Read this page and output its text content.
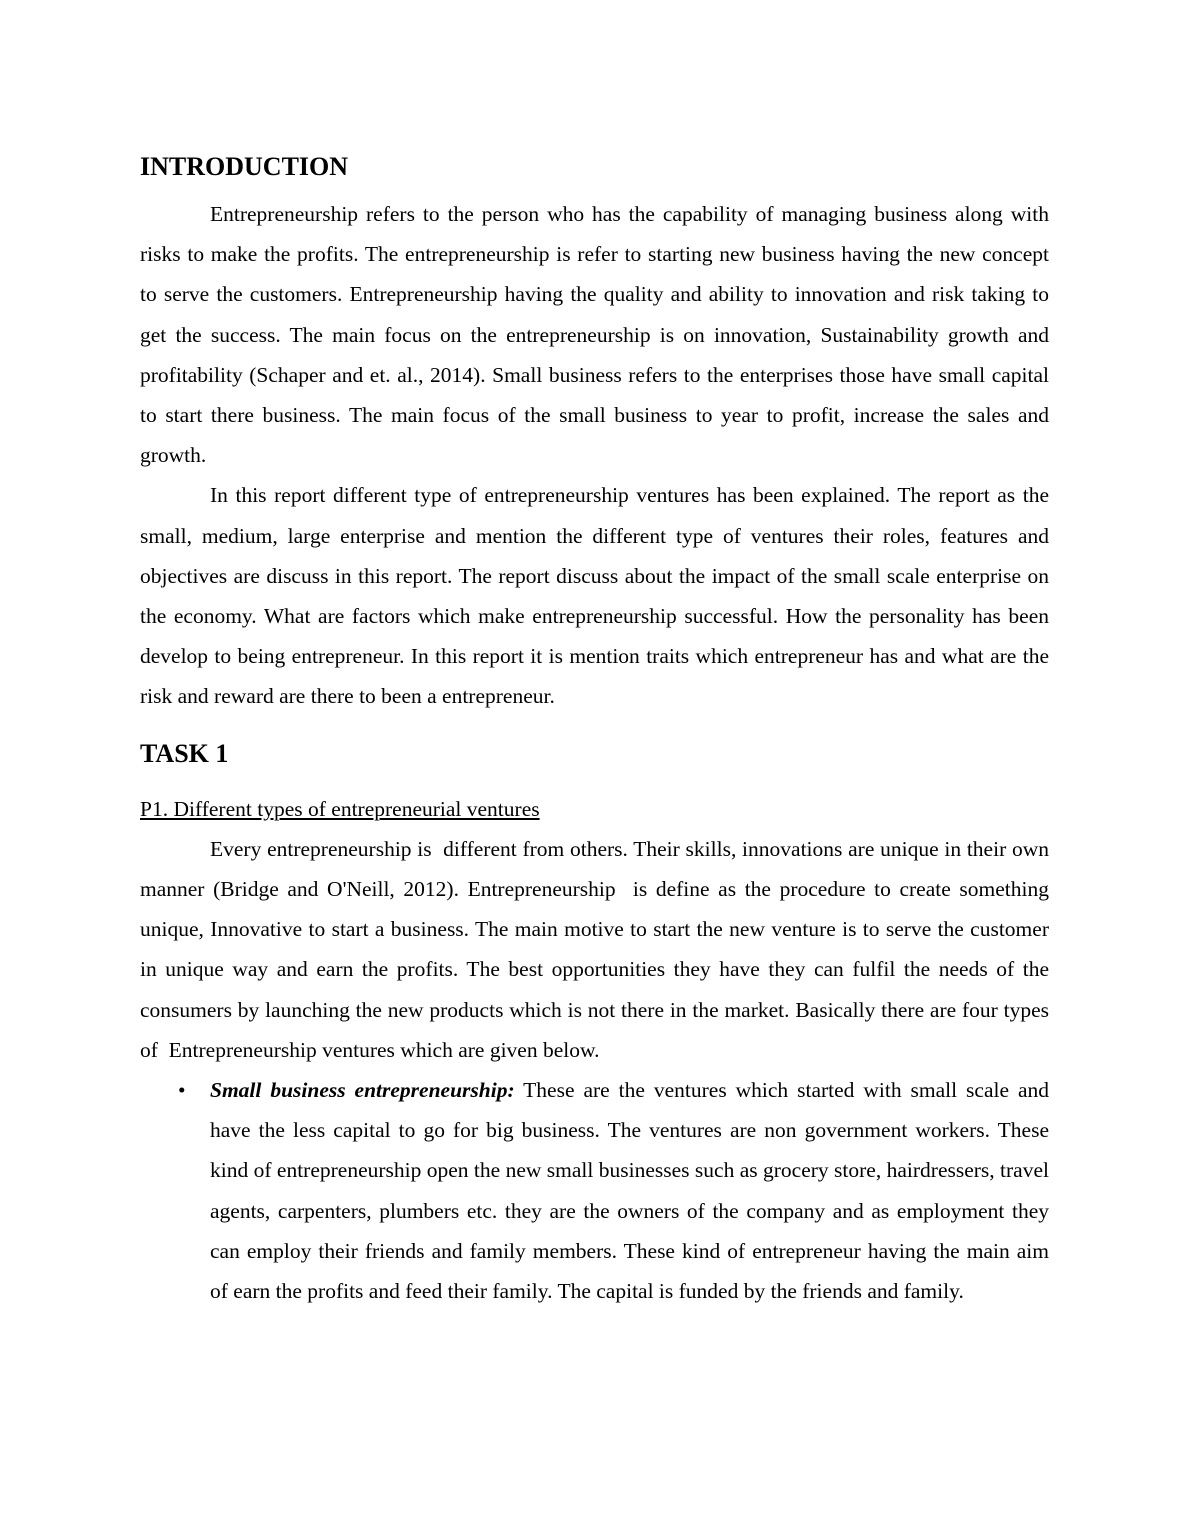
INTRODUCTION

Entrepreneurship refers to the person who has the capability of managing business along with risks to make the profits. The entrepreneurship is refer to starting new business having the new concept to serve the customers. Entrepreneurship having the quality and ability to innovation and risk taking to get the success. The main focus on the entrepreneurship is on innovation, Sustainability growth and profitability (Schaper and et. al., 2014). Small business refers to the enterprises those have small capital to start there business. The main focus of the small business to year to profit, increase the sales and growth.

In this report different type of entrepreneurship ventures has been explained. The report as the small, medium, large enterprise and mention the different type of ventures their roles, features and objectives are discuss in this report. The report discuss about the impact of the small scale enterprise on the economy. What are factors which make entrepreneurship successful. How the personality has been develop to being entrepreneur. In this report it is mention traits which entrepreneur has and what are the risk and reward are there to been a entrepreneur.

TASK 1

P1. Different types of entrepreneurial ventures

Every entrepreneurship is  different from others. Their skills, innovations are unique in their own manner (Bridge and O'Neill, 2012). Entrepreneurship  is define as the procedure to create something unique, Innovative to start a business. The main motive to start the new venture is to serve the customer in unique way and earn the profits. The best opportunities they have they can fulfil the needs of the consumers by launching the new products which is not there in the market. Basically there are four types of  Entrepreneurship ventures which are given below.

• Small business entrepreneurship: These are the ventures which started with small scale and have the less capital to go for big business. The ventures are non government workers. These kind of entrepreneurship open the new small businesses such as grocery store, hairdressers, travel agents, carpenters, plumbers etc. they are the owners of the company and as employment they can employ their friends and family members. These kind of entrepreneur having the main aim of earn the profits and feed their family. The capital is funded by the friends and family.
